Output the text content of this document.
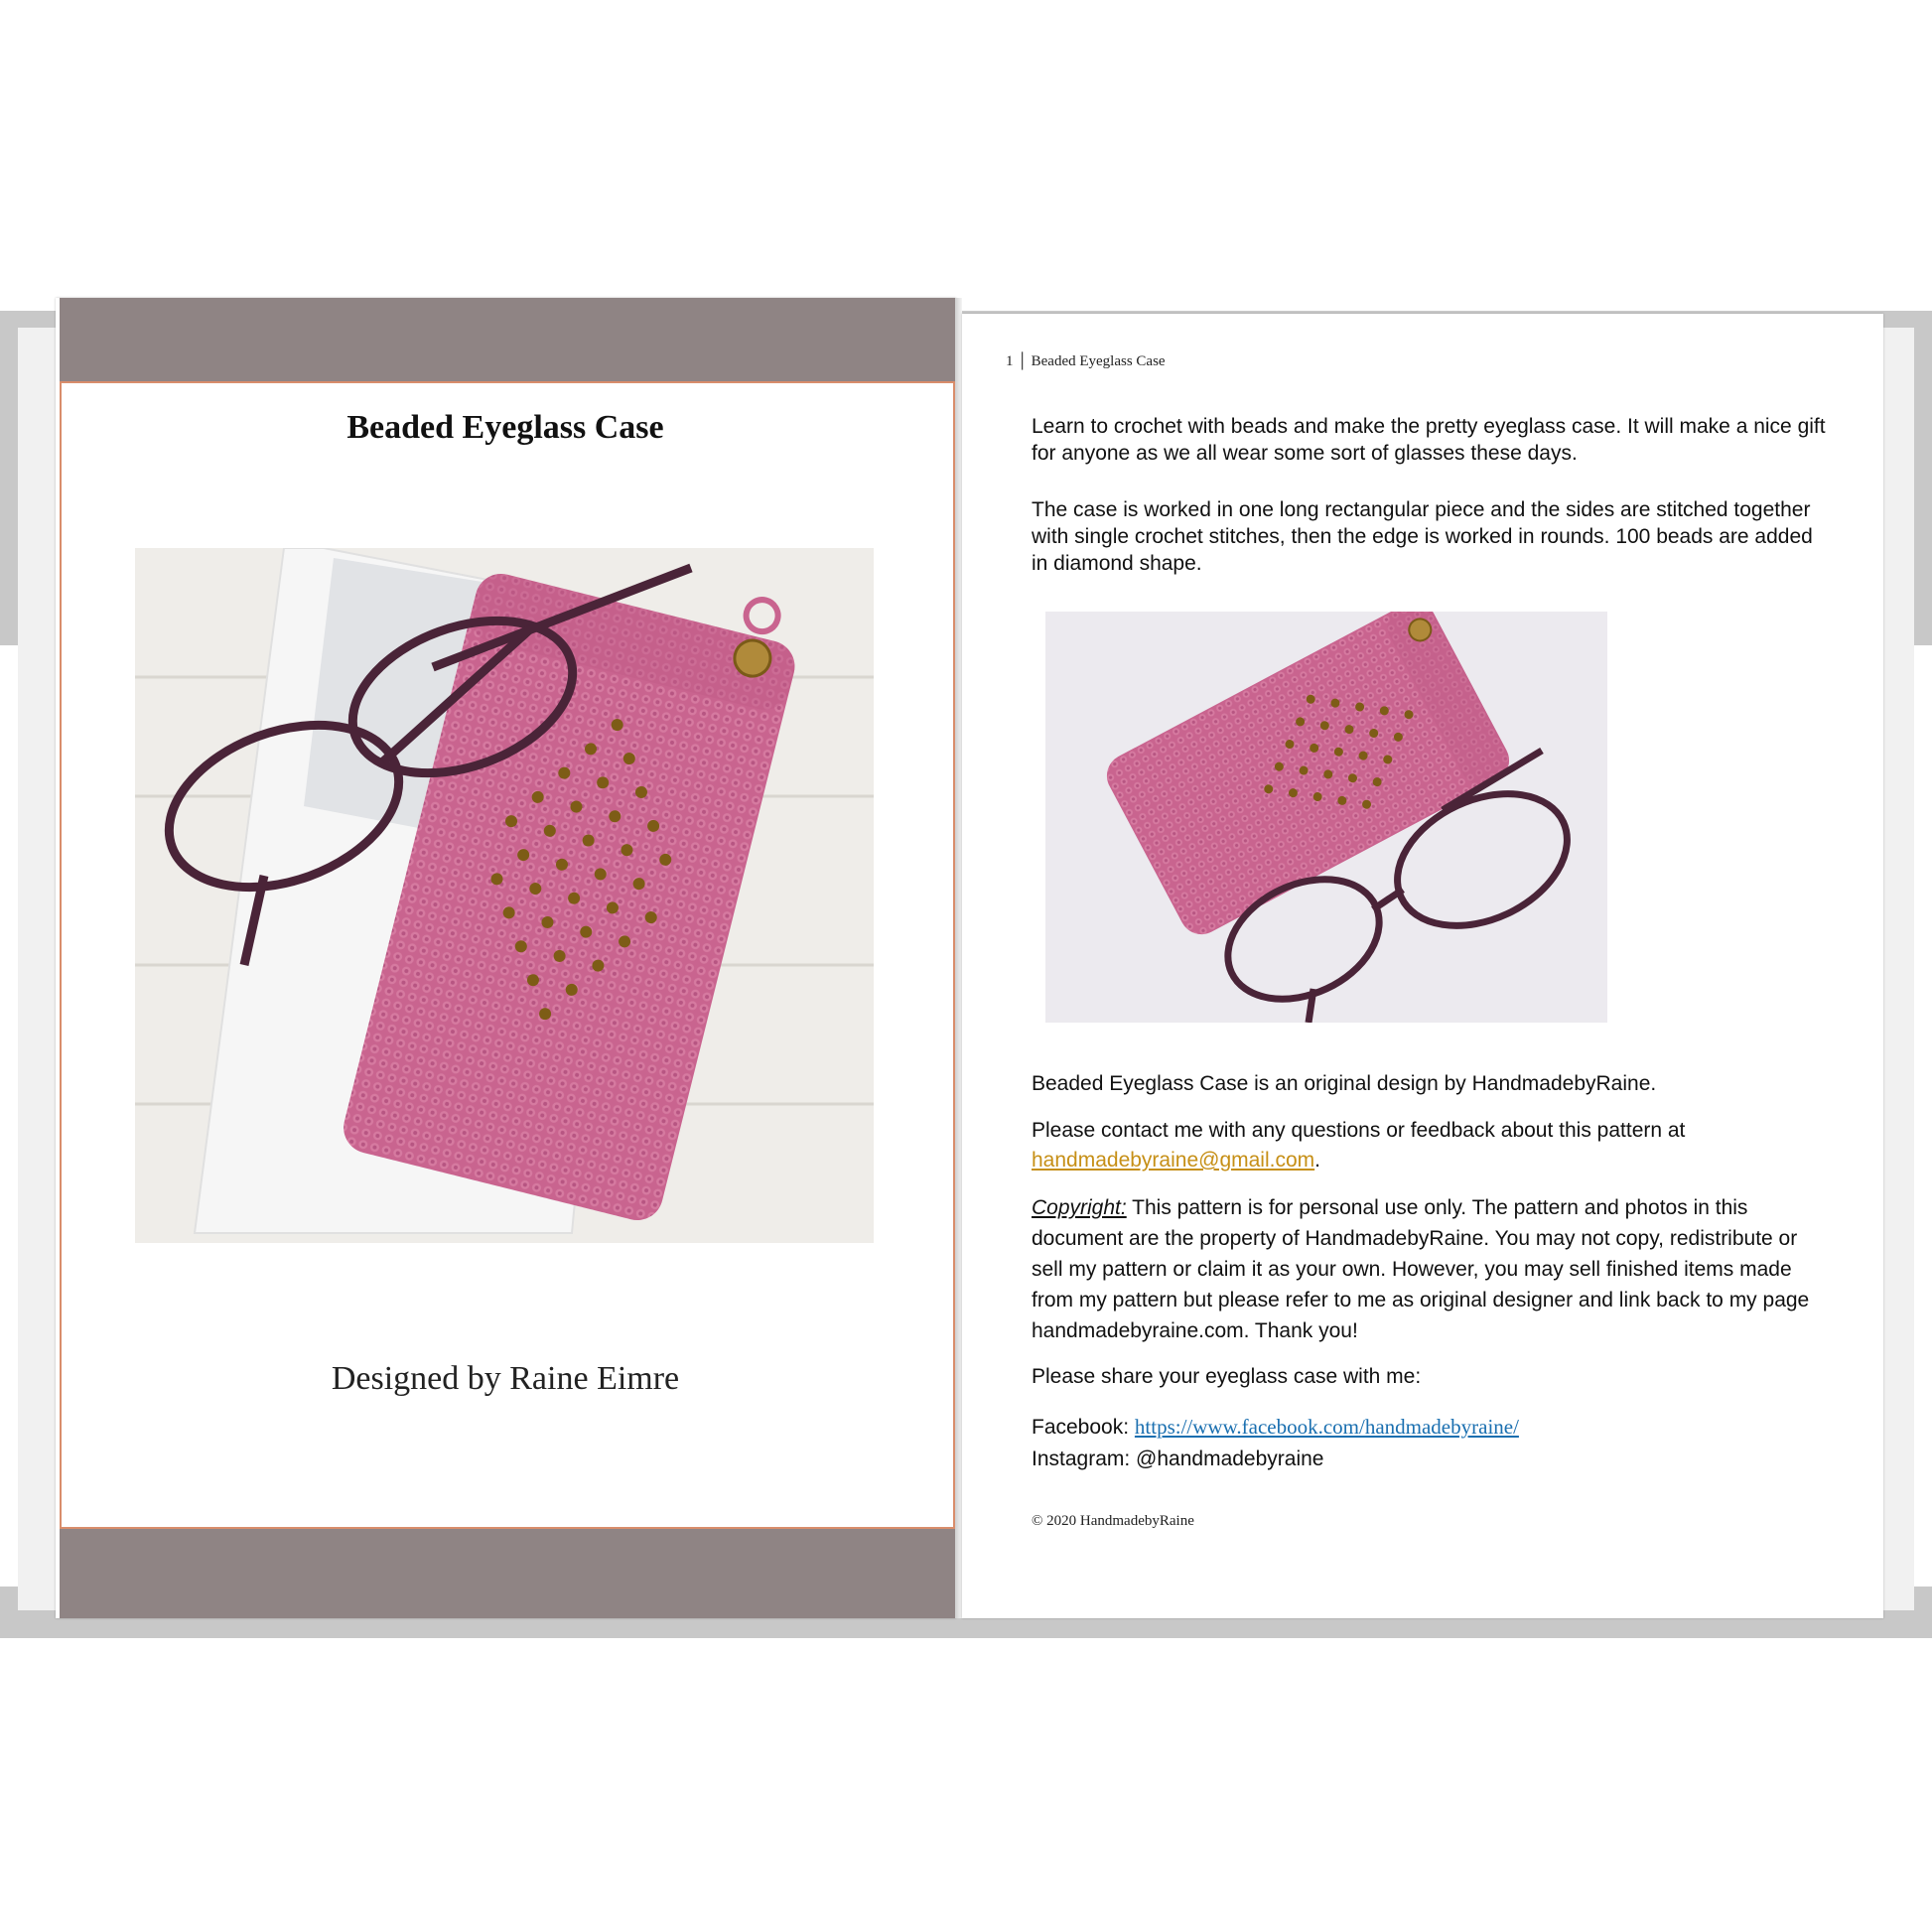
Beaded Eyeglass Case
Designed by Raine Eimre
1 │ Beaded Eyeglass Case
Learn to crochet with beads and make the pretty eyeglass case. It will make a nice gift for anyone as we all wear some sort of glasses these days.
The case is worked in one long rectangular piece and the sides are stitched together with single crochet stitches, then the edge is worked in rounds. 100 beads are added in diamond shape.
Beaded Eyeglass Case is an original design by HandmadebyRaine.
Please contact me with any questions or feedback about this pattern at
handmadebyraine@gmail.com.
Copyright: This pattern is for personal use only. The pattern and photos in this document are the property of HandmadebyRaine. You may not copy, redistribute or sell my pattern or claim it as your own. However, you may sell finished items made from my pattern but please refer to me as original designer and link back to my page handmadebyraine.com. Thank you!
Please share your eyeglass case with me:
Facebook: https://www.facebook.com/handmadebyraine/
Instagram: @handmadebyraine
© 2020 HandmadebyRaine
